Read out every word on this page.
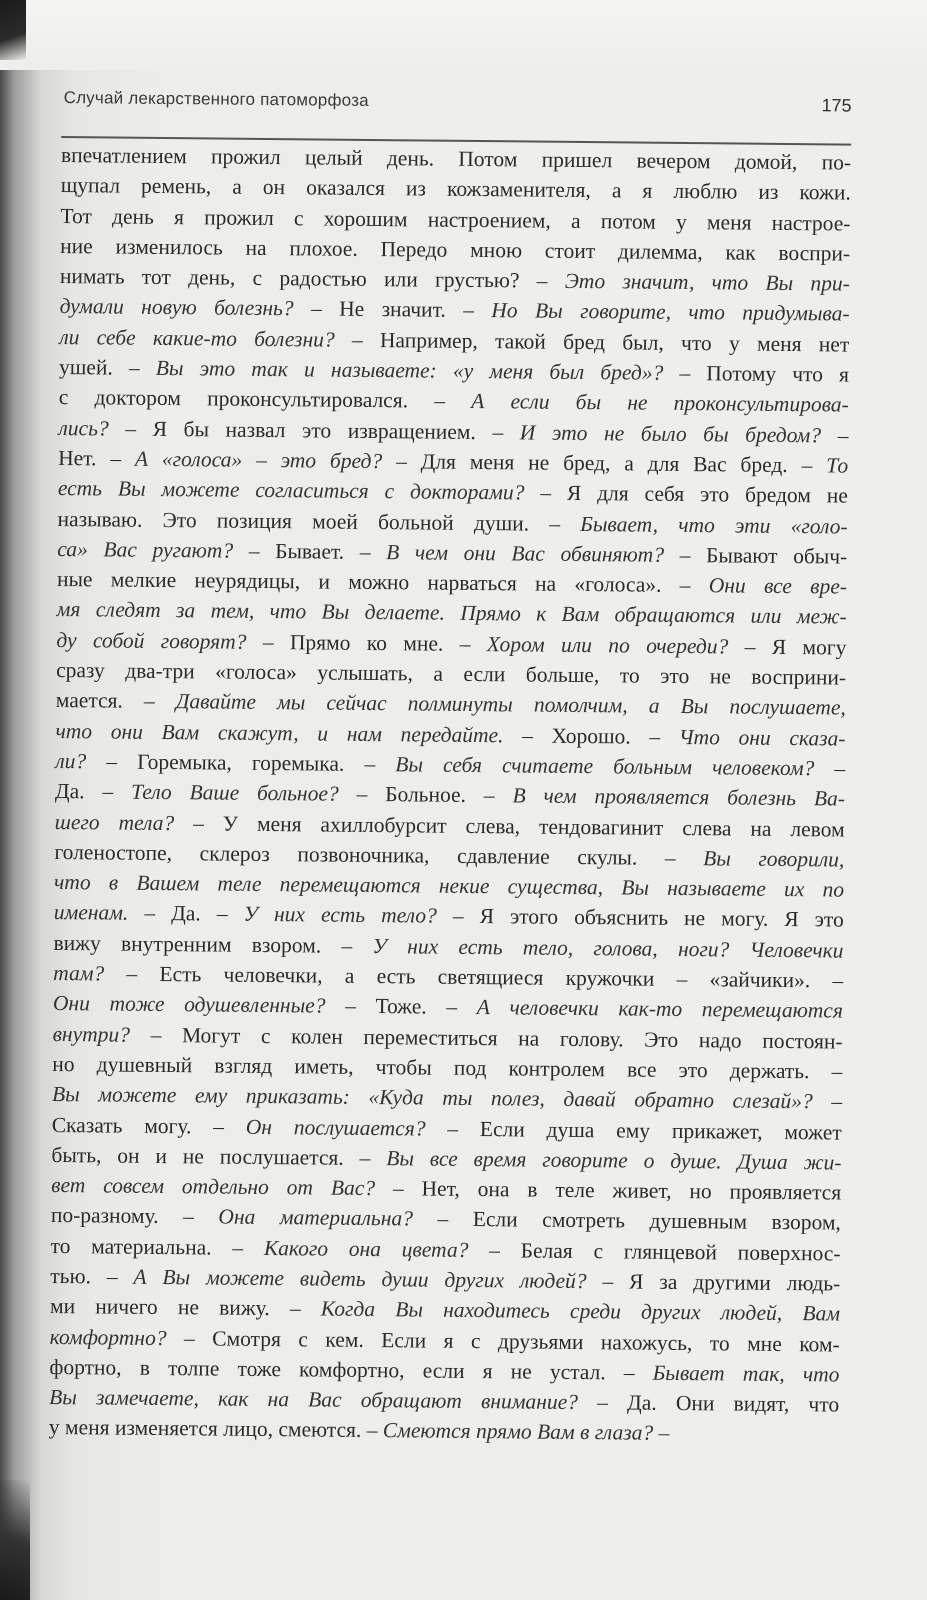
Случай лекарственного патоморфоза	175
впечатлением прожил целый день. Потом пришел вечером домой, по-
щупал ремень, а он оказался из кожзаменителя, а я люблю из кожи.
Тот день я прожил с хорошим настроением, а потом у меня настрое-
ние изменилось на плохое. Передо мною стоит дилемма, как воспри-
нимать тот день, с радостью или грустью? – Это значит, что Вы при-
думали новую болезнь? – Не значит. – Но Вы говорите, что придумыва-
ли себе какие-то болезни? – Например, такой бред был, что у меня нет
ушей. – Вы это так и называете: «у меня был бред»? – Потому что я
с доктором проконсультировался. – А если бы не проконсультирова-
лись? – Я бы назвал это извращением. – И это не было бы бредом? –
Нет. – А «голоса» – это бред? – Для меня не бред, а для Вас бред. – То
есть Вы можете согласиться с докторами? – Я для себя это бредом не
называю. Это позиция моей больной души. – Бывает, что эти «голо-
са» Вас ругают? – Бывает. – В чем они Вас обвиняют? – Бывают обыч-
ные мелкие неурядицы, и можно нарваться на «голоса». – Они все вре-
мя следят за тем, что Вы делаете. Прямо к Вам обращаются или меж-
ду собой говорят? – Прямо ко мне. – Хором или по очереди? – Я могу
сразу два-три «голоса» услышать, а если больше, то это не восприни-
мается. – Давайте мы сейчас полминуты помолчим, а Вы послушаете,
что они Вам скажут, и нам передайте. – Хорошо. – Что они сказа-
ли? – Горемыка, горемыка. – Вы себя считаете больным человеком? –
Да. – Тело Ваше больное? – Больное. – В чем проявляется болезнь Ва-
шего тела? – У меня ахиллобурсит слева, тендовагинит слева на левом
голеностопе, склероз позвоночника, сдавление скулы. – Вы говорили,
что в Вашем теле перемещаются некие существа, Вы называете их по
именам. – Да. – У них есть тело? – Я этого объяснить не могу. Я это
вижу внутренним взором. – У них есть тело, голова, ноги? Человечки
там? – Есть человечки, а есть светящиеся кружочки – «зайчики». –
Они тоже одушевленные? – Тоже. – А человечки как-то перемещаются
внутри? – Могут с колен переместиться на голову. Это надо постоян-
но душевный взгляд иметь, чтобы под контролем все это держать. –
Вы можете ему приказать: «Куда ты полез, давай обратно слезай»? –
Сказать могу. – Он послушается? – Если душа ему прикажет, может
быть, он и не послушается. – Вы все время говорите о душе. Душа жи-
вет совсем отдельно от Вас? – Нет, она в теле живет, но проявляется
по-разному. – Она материальна? – Если смотреть душевным взором,
то материальна. – Какого она цвета? – Белая с глянцевой поверхнос-
тью. – А Вы можете видеть души других людей? – Я за другими людь-
ми ничего не вижу. – Когда Вы находитесь среди других людей, Вам
комфортно? – Смотря с кем. Если я с друзьями нахожусь, то мне ком-
фортно, в толпе тоже комфортно, если я не устал. – Бывает так, что
Вы замечаете, как на Вас обращают внимание? – Да. Они видят, что
у меня изменяется лицо, смеются. – Смеются прямо Вам в глаза? –
